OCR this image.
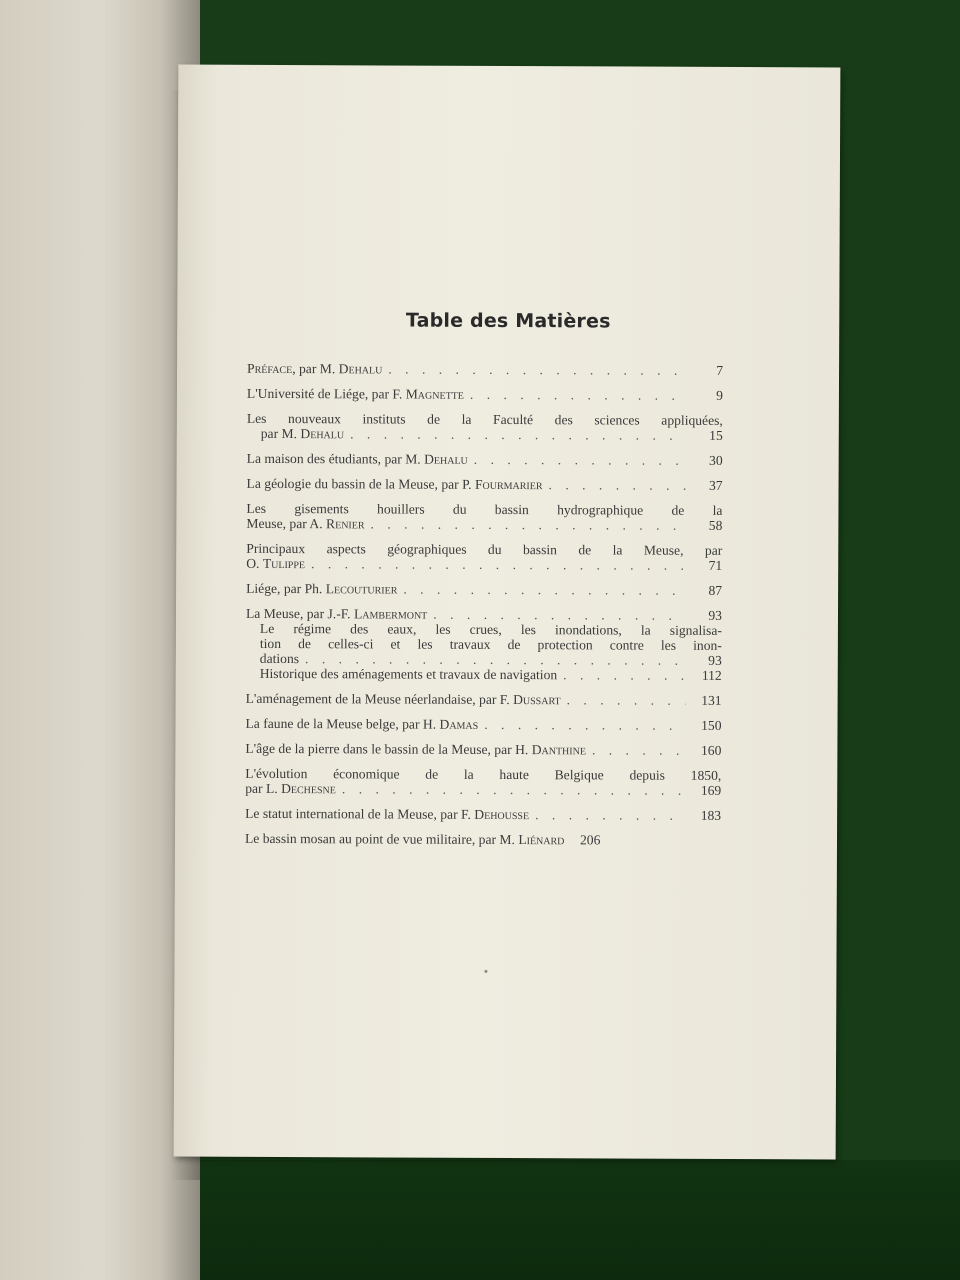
Table des Matières
Préface, par M. Dehalu . . .	7
L'Université de Liége, par F. Magnette . . .	9
Les nouveaux instituts de la Faculté des sciences appliquées,
par M. Dehalu . . .	15
La maison des étudiants, par M. Dehalu . . .	30
La géologie du bassin de la Meuse, par P. Fourmarier . . .	37
Les gisements houillers du bassin hydrographique de la
Meuse, par A. Renier . . .	58
Principaux aspects géographiques du bassin de la Meuse, par
O. Tulippe . . .	71
Liége, par Ph. Lecouturier . . .	87
La Meuse, par J.-F. Lambermont . . .	93
Le régime des eaux, les crues, les inondations, la signalisa-
tion de celles-ci et les travaux de protection contre les inon-
dations . . .	93
Historique des aménagements et travaux de navigation . . .	112
L'aménagement de la Meuse néerlandaise, par F. Dussart . . .	131
La faune de la Meuse belge, par H. Damas . . .	150
L'âge de la pierre dans le bassin de la Meuse, par H. Danthine . . .	160
L'évolution économique de la haute Belgique depuis 1850,
par L. Dechesne . . .	169
Le statut international de la Meuse, par F. Dehousse . . .	183
Le bassin mosan au point de vue militaire, par M. Liénard	206
